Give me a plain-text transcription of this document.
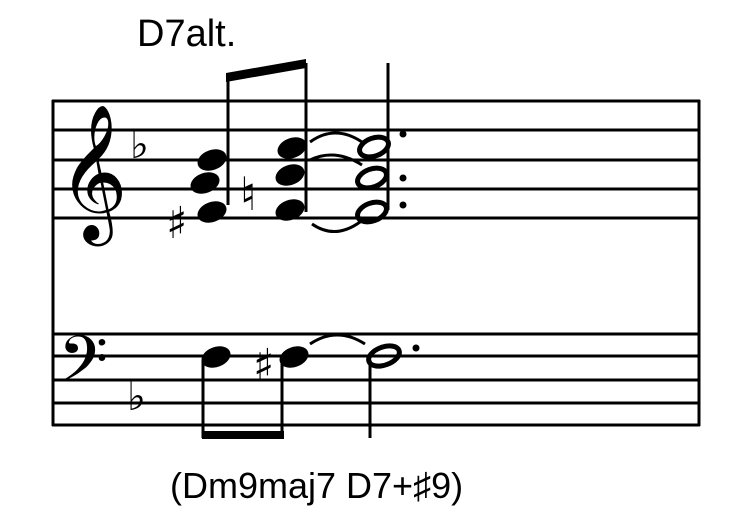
D7alt.
𝄞
𝄢
♭
♭
♯
♮
♯
(Dm9maj7 D7+♯9)
